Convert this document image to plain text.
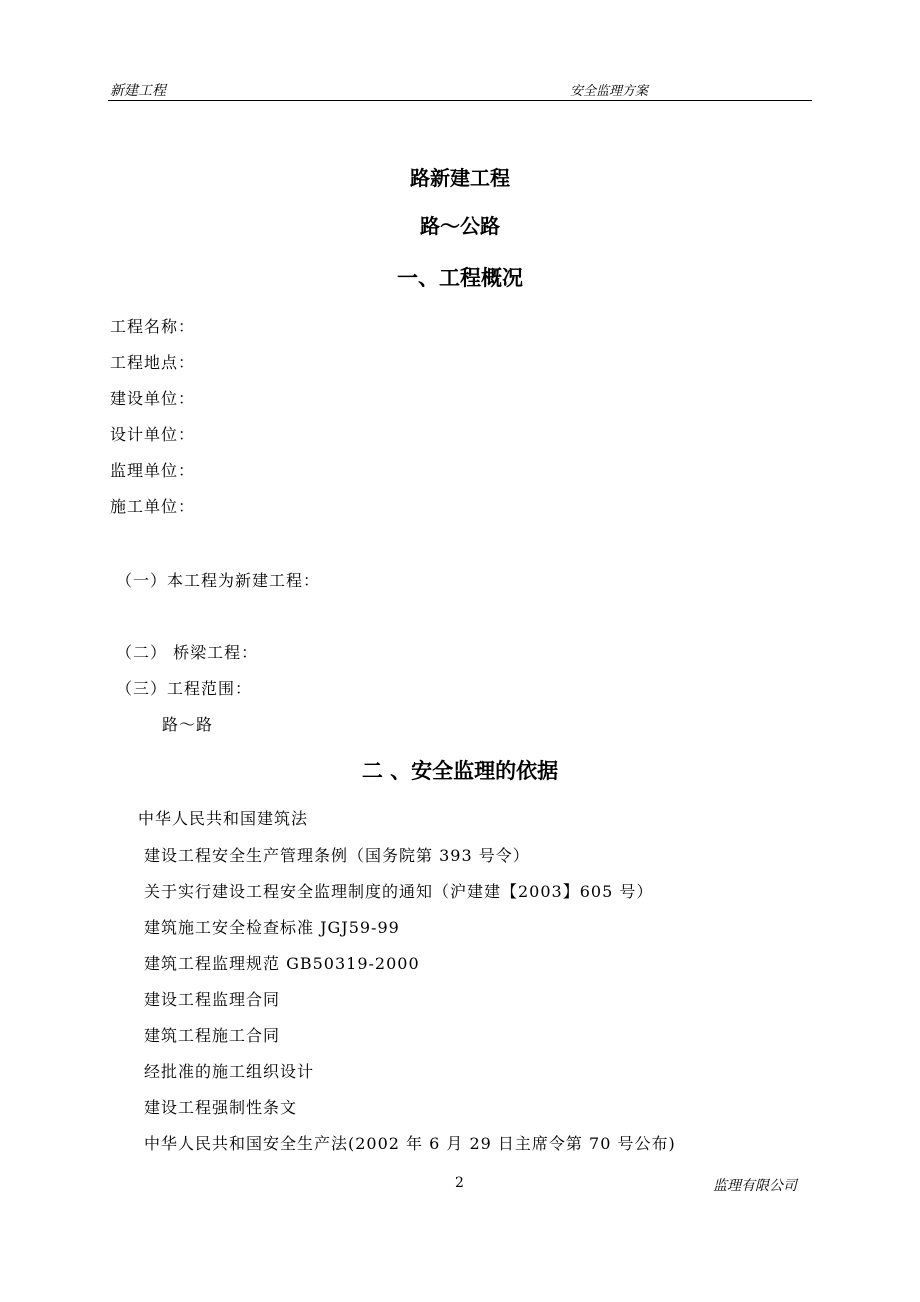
新建工程	安全监理方案
路新建工程
路～公路
一、工程概况
工程名称：
工程地点：
建设单位：
设计单位：
监理单位：
施工单位：
（一）本工程为新建工程：
（二） 桥梁工程：
（三）工程范围：
路～路
二 、安全监理的依据
中华人民共和国建筑法
建设工程安全生产管理条例（国务院第 393 号令）
关于实行建设工程安全监理制度的通知（沪建建【2003】605 号）
建筑施工安全检查标准 JGJ59-99
建筑工程监理规范 GB50319-2000
建设工程监理合同
建筑工程施工合同
经批准的施工组织设计
建设工程强制性条文
中华人民共和国安全生产法(2002 年 6 月 29 日主席令第 70 号公布)
2	监理有限公司
